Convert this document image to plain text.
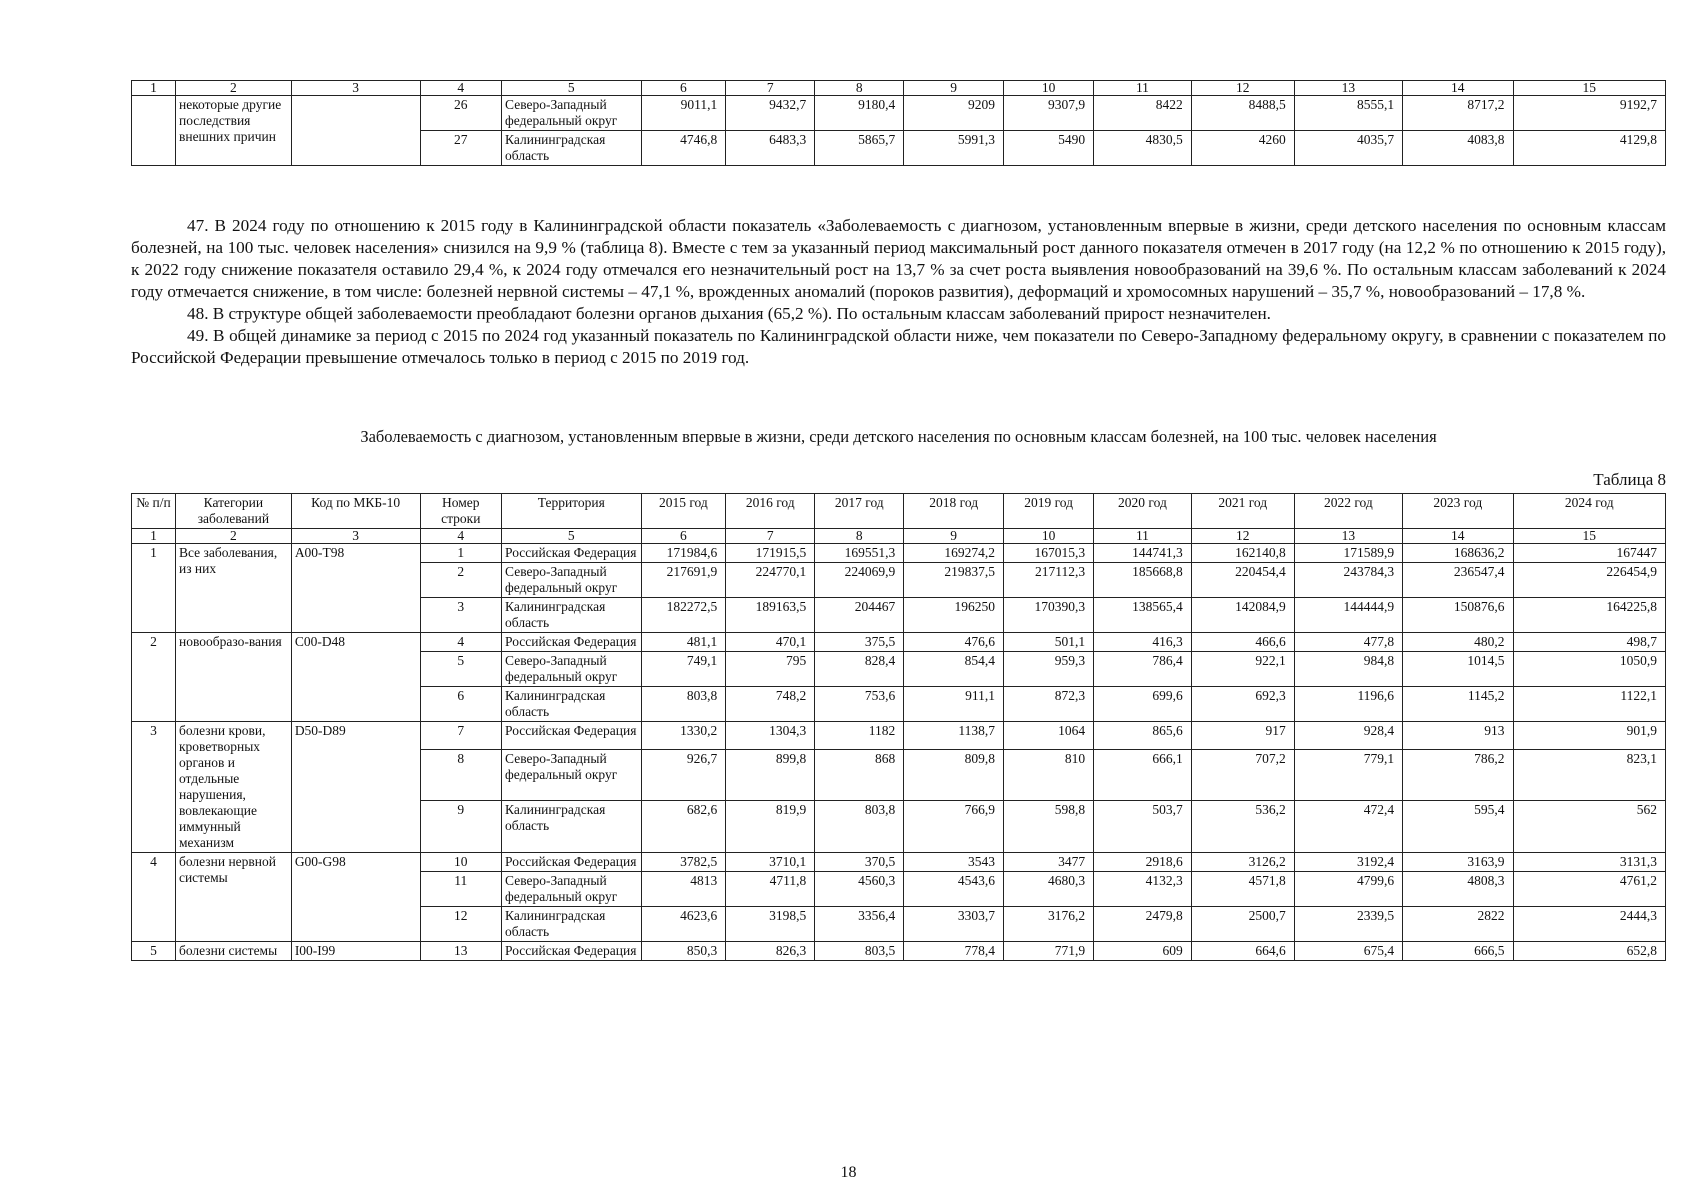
1	2	3	4	5	6	7	8	9	10	11	12	13	14	15
	некоторые другие последствия внешних причин		26	Северо-Западный федеральный округ	9011,1	9432,7	9180,4	9209	9307,9	8422	8488,5	8555,1	8717,2	9192,7
			27	Калининградская область	4746,8	6483,3	5865,7	5991,3	5490	4830,5	4260	4035,7	4083,8	4129,8

47. В 2024 году по отношению к 2015 году в Калининградской области показатель «Заболеваемость с диагнозом, установленным впервые в жизни, среди детского населения по основным классам болезней, на 100 тыс. человек населения» снизился на 9,9 % (таблица 8). Вместе с тем за указанный период максимальный рост данного показателя отмечен в 2017 году (на 12,2 % по отношению к 2015 году), к 2022 году снижение показателя оставило 29,4 %, к 2024 году отмечался его незначительный рост на 13,7 % за счет роста выявления новообразований на 39,6 %. По остальным классам заболеваний к 2024 году отмечается снижение, в том числе: болезней нервной системы – 47,1 %, врожденных аномалий (пороков развития), деформаций и хромосомных нарушений – 35,7 %, новообразований – 17,8 %.

48. В структуре общей заболеваемости преобладают болезни органов дыхания (65,2 %). По остальным классам заболеваний прирост незначителен.

49. В общей динамике за период с 2015 по 2024 год указанный показатель по Калининградской области ниже, чем показатели по Северо-Западному федеральному округу, в сравнении с показателем по Российской Федерации превышение отмечалось только в период с 2015 по 2019 год.

Заболеваемость с диагнозом, установленным впервые в жизни, среди детского населения по основным классам болезней, на 100 тыс. человек населения
Таблица 8
№ п/п	Категории заболеваний	Код по МКБ-10	Номер строки	Территория	2015 год	2016 год	2017 год	2018 год	2019 год	2020 год	2021 год	2022 год	2023 год	2024 год
1	2	3	4	5	6	7	8	9	10	11	12	13	14	15
1	Все заболевания, из них	A00-T98	1	Российская Федерация	171984,6	171915,5	169551,3	169274,2	167015,3	144741,3	162140,8	171589,9	168636,2	167447
			2	Северо-Западный федеральный округ	217691,9	224770,1	224069,9	219837,5	217112,3	185668,8	220454,4	243784,3	236547,4	226454,9
			3	Калининградская область	182272,5	189163,5	204467	196250	170390,3	138565,4	142084,9	144444,9	150876,6	164225,8
2	новообразо-вания	C00-D48	4	Российская Федерация	481,1	470,1	375,5	476,6	501,1	416,3	466,6	477,8	480,2	498,7
			5	Северо-Западный федеральный округ	749,1	795	828,4	854,4	959,3	786,4	922,1	984,8	1014,5	1050,9
			6	Калининградская область	803,8	748,2	753,6	911,1	872,3	699,6	692,3	1196,6	1145,2	1122,1
3	болезни крови, кроветворных органов и отдельные нарушения, вовлекающие иммунный механизм	D50-D89	7	Российская Федерация	1330,2	1304,3	1182	1138,7	1064	865,6	917	928,4	913	901,9
			8	Северо-Западный федеральный округ	926,7	899,8	868	809,8	810	666,1	707,2	779,1	786,2	823,1
			9	Калининградская область	682,6	819,9	803,8	766,9	598,8	503,7	536,2	472,4	595,4	562
4	болезни нервной системы	G00-G98	10	Российская Федерация	3782,5	3710,1	370,5	3543	3477	2918,6	3126,2	3192,4	3163,9	3131,3
			11	Северо-Западный федеральный округ	4813	4711,8	4560,3	4543,6	4680,3	4132,3	4571,8	4799,6	4808,3	4761,2
			12	Калининградская область	4623,6	3198,5	3356,4	3303,7	3176,2	2479,8	2500,7	2339,5	2822	2444,3
5	болезни системы	I00-I99	13	Российская Федерация	850,3	826,3	803,5	778,4	771,9	609	664,6	675,4	666,5	652,8
18
